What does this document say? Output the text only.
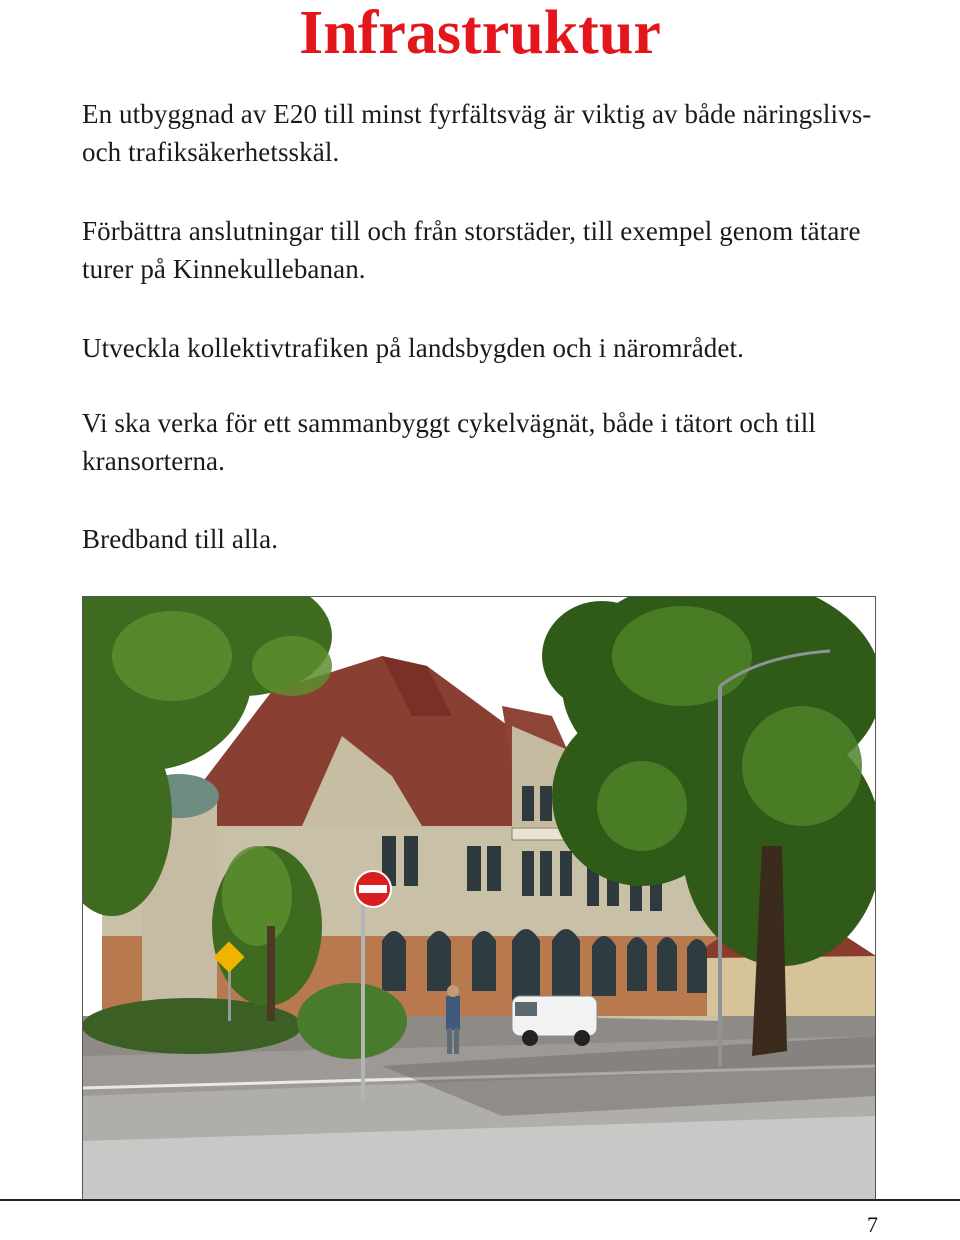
Infrastruktur

En utbyggnad av E20 till minst fyrfältsväg är viktig av både näringslivs- och trafiksäkerhetsskäl.

Förbättra anslutningar till och från storstäder, till exempel genom tätare turer på Kinnekullebanan.

Utveckla kollektivtrafiken på landsbygden och i närområdet.

Vi ska verka för ett sammanbyggt cykelvägnät, både i tätort och till kransorterna.

Bredband till alla.

7
